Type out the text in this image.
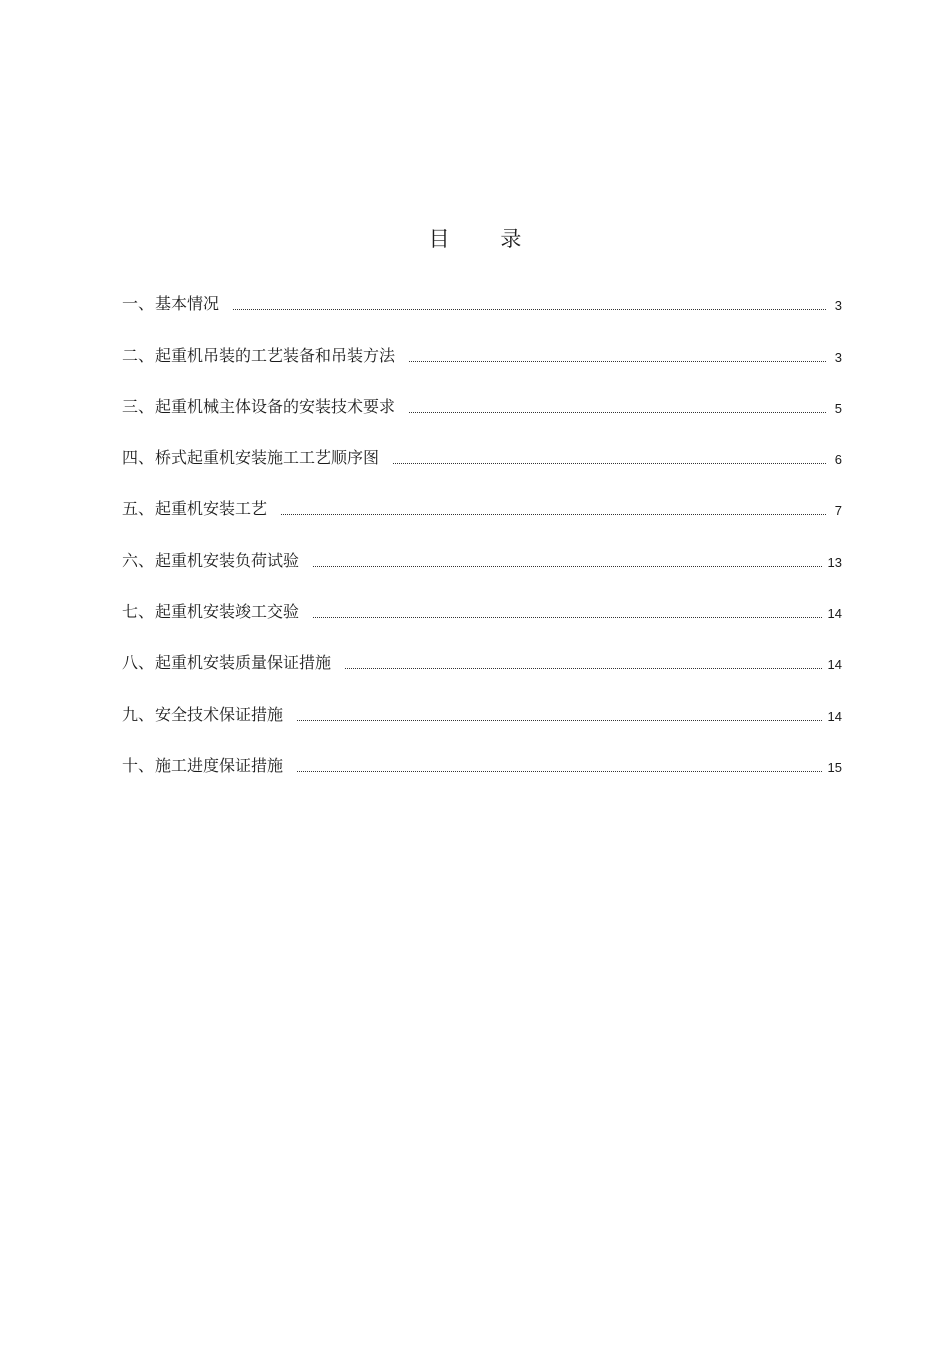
目 录
一 、 基本情况	3
二 、 起重机吊装的工艺装备和吊装方法	3
三 、 起重机械主体设备的安装技术要求	5
四 、 桥式起重机安装施工工艺顺序图	6
五 、 起重机安装工艺	7
六 、 起重机安装负荷试验	13
七 、 起重机安装竣工交验	14
八 、 起重机安装质量保证措施	14
九 、 安全技术保证措施	14
十 、 施工进度保证措施	15
